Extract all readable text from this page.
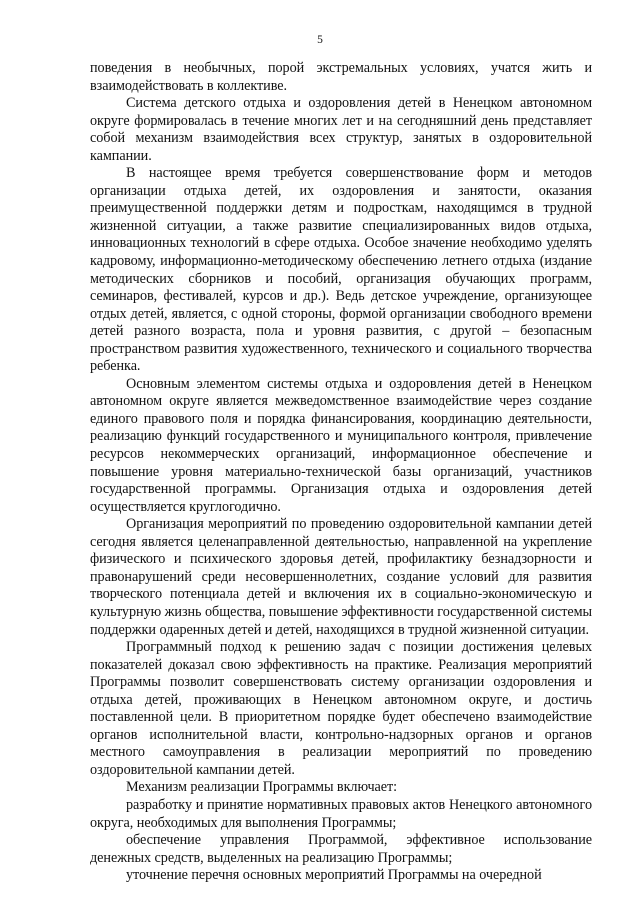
5

поведения в необычных, порой экстремальных условиях, учатся жить и взаимодействовать в коллективе.

Система детского отдыха и оздоровления детей в Ненецком автономном округе формировалась в течение многих лет и на сегодняшний день представляет собой механизм взаимодействия всех структур, занятых в оздоровительной кампании.

В настоящее время требуется совершенствование форм и методов организации отдыха детей, их оздоровления и занятости, оказания преимущественной поддержки детям и подросткам, находящимся в трудной жизненной ситуации, а также развитие специализированных видов отдыха, инновационных технологий в сфере отдыха. Особое значение необходимо уделять кадровому, информационно-методическому обеспечению летнего отдыха (издание методических сборников и пособий, организация обучающих программ, семинаров, фестивалей, курсов и др.). Ведь детское учреждение, организующее отдых детей, является, с одной стороны, формой организации свободного времени детей разного возраста, пола и уровня развития, с другой – безопасным пространством развития художественного, технического и социального творчества ребенка.

Основным элементом системы отдыха и оздоровления детей в Ненецком автономном округе является межведомственное взаимодействие через создание единого правового поля и порядка финансирования, координацию деятельности, реализацию функций государственного и муниципального контроля, привлечение ресурсов некоммерческих организаций, информационное обеспечение и повышение уровня материально-технической базы организаций, участников государственной программы. Организация отдыха и оздоровления детей осуществляется круглогодично.

Организация мероприятий по проведению оздоровительной кампании детей сегодня является целенаправленной деятельностью, направленной на укрепление физического и психического здоровья детей, профилактику безнадзорности и правонарушений среди несовершеннолетних, создание условий для развития творческого потенциала детей и включения их в социально-экономическую и культурную жизнь общества, повышение эффективности государственной системы поддержки одаренных детей и детей, находящихся в трудной жизненной ситуации.

Программный подход к решению задач с позиции достижения целевых показателей доказал свою эффективность на практике. Реализация мероприятий Программы позволит совершенствовать систему организации оздоровления и отдыха детей, проживающих в Ненецком автономном округе, и достичь поставленной цели. В приоритетном порядке будет обеспечено взаимодействие органов исполнительной власти, контрольно-надзорных органов и органов местного самоуправления в реализации мероприятий по проведению оздоровительной кампании детей.

Механизм реализации Программы включает:

разработку и принятие нормативных правовых актов Ненецкого автономного округа, необходимых для выполнения Программы;

обеспечение управления Программой, эффективное использование денежных средств, выделенных на реализацию Программы;

уточнение перечня основных мероприятий Программы на очередной
